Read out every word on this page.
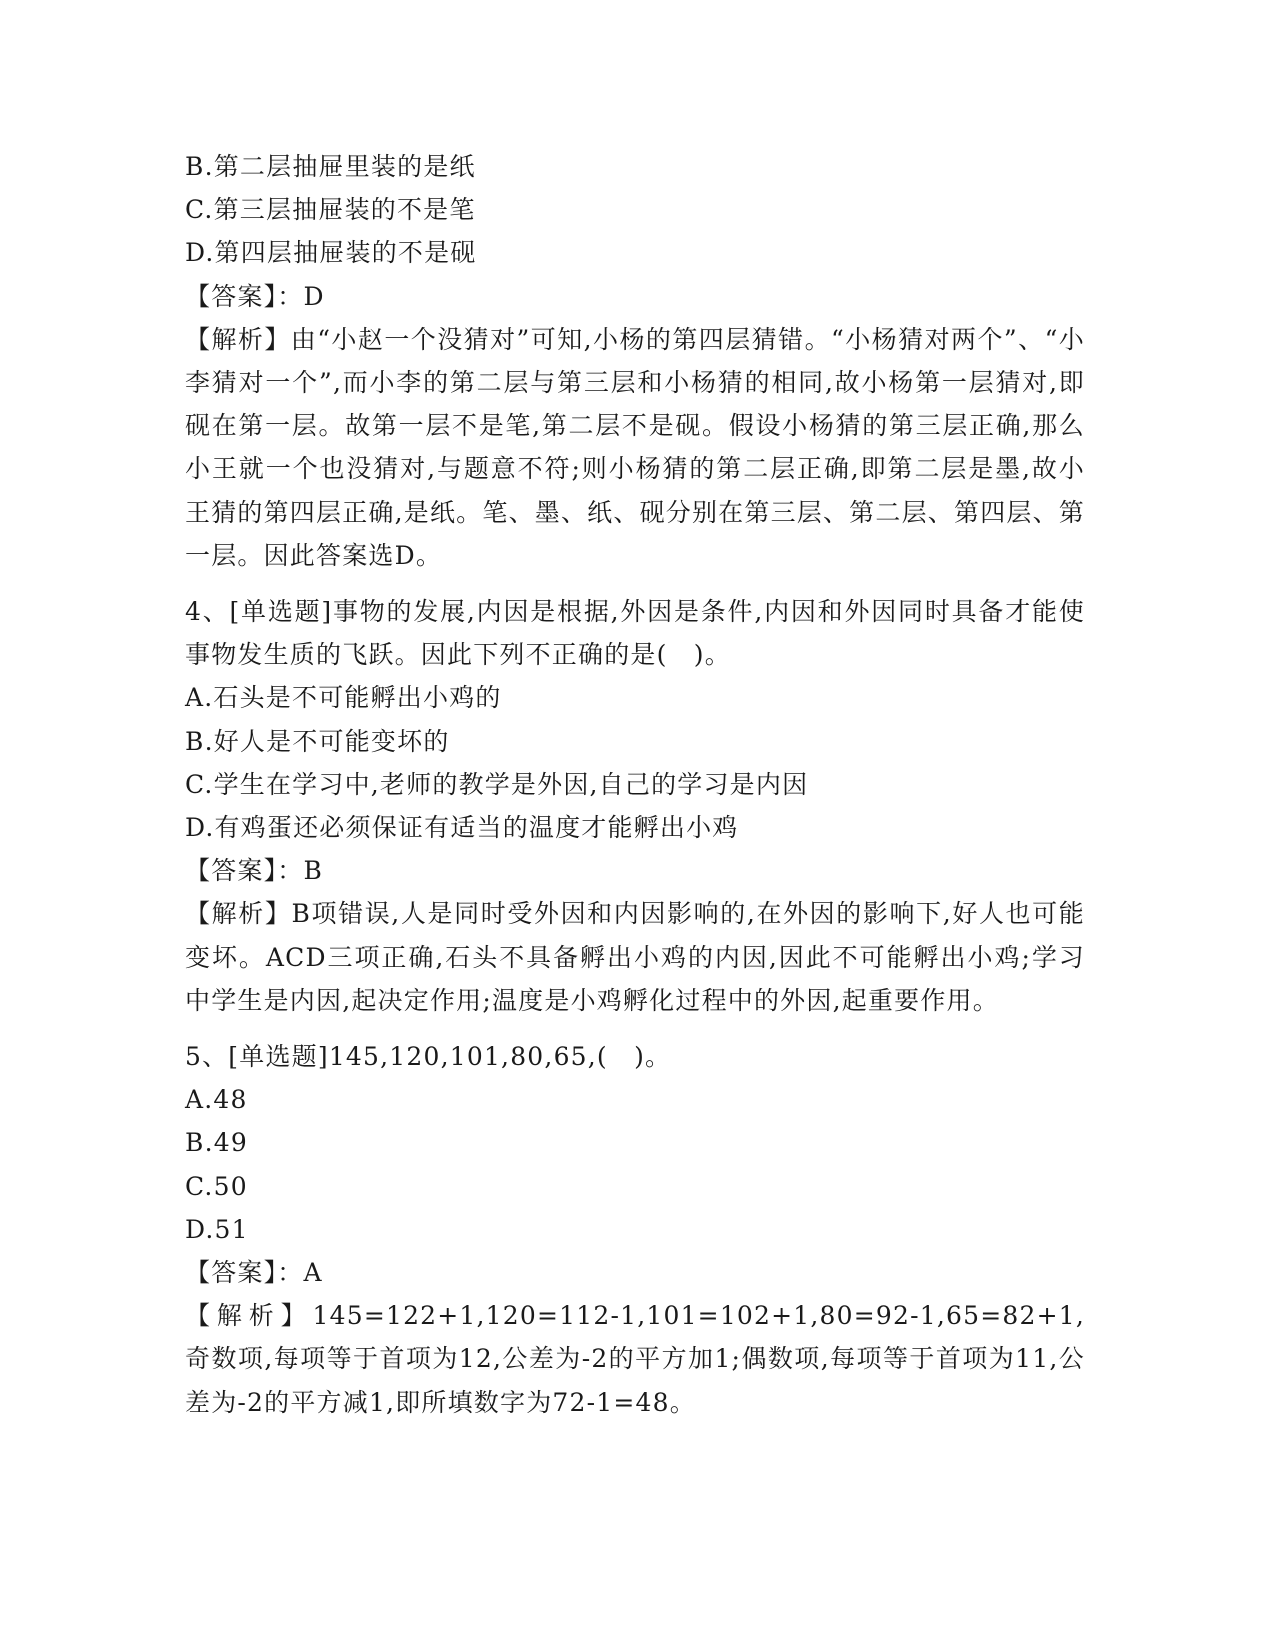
B.第二层抽屉里装的是纸
C.第三层抽屉装的不是笔
D.第四层抽屉装的不是砚
【答案】：D
【解析】由“小赵一个没猜对”可知,小杨的第四层猜错。“小杨猜对两个”、“小李猜对一个”,而小李的第二层与第三层和小杨猜的相同,故小杨第一层猜对,即砚在第一层。故第一层不是笔,第二层不是砚。假设小杨猜的第三层正确,那么小王就一个也没猜对,与题意不符;则小杨猜的第二层正确,即第二层是墨,故小王猜的第四层正确,是纸。笔、墨、纸、砚分别在第三层、第二层、第四层、第一层。因此答案选D。
4、[单选题]事物的发展,内因是根据,外因是条件,内因和外因同时具备才能使事物发生质的飞跃。因此下列不正确的是(　)。
A.石头是不可能孵出小鸡的
B.好人是不可能变坏的
C.学生在学习中,老师的教学是外因,自己的学习是内因
D.有鸡蛋还必须保证有适当的温度才能孵出小鸡
【答案】：B
【解析】B项错误,人是同时受外因和内因影响的,在外因的影响下,好人也可能变坏。ACD三项正确,石头不具备孵出小鸡的内因,因此不可能孵出小鸡;学习中学生是内因,起决定作用;温度是小鸡孵化过程中的外因,起重要作用。
5、[单选题]145,120,101,80,65,(　)。
A.48
B.49
C.50
D.51
【答案】：A
【解析】145=122+1,120=112-1,101=102+1,80=92-1,65=82+1,奇数项,每项等于首项为12,公差为-2的平方加1;偶数项,每项等于首项为11,公差为-2的平方减1,即所填数字为72-1=48。
